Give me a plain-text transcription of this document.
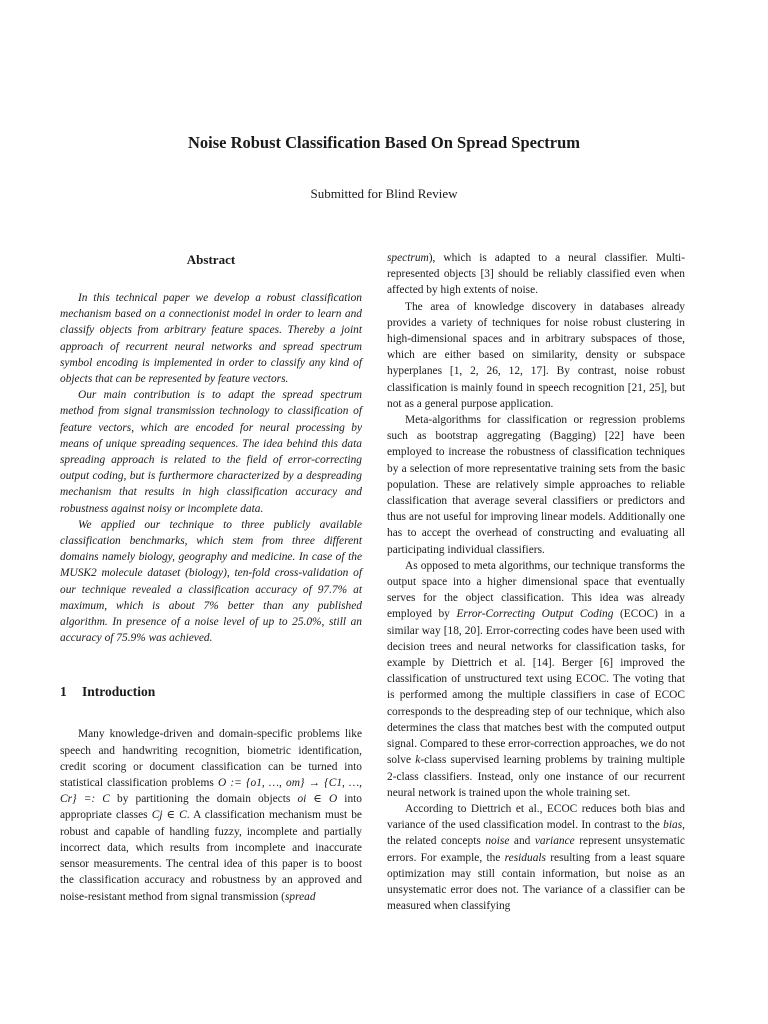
Noise Robust Classification Based On Spread Spectrum
Submitted for Blind Review
Abstract

In this technical paper we develop a robust classification mechanism based on a connectionist model in order to learn and classify objects from arbitrary feature spaces. Thereby a joint approach of recurrent neural networks and spread spectrum symbol encoding is implemented in order to classify any kind of objects that can be represented by feature vectors.

Our main contribution is to adapt the spread spectrum method from signal transmission technology to classification of feature vectors, which are encoded for neural processing by means of unique spreading sequences. The idea behind this data spreading approach is related to the field of error-correcting output coding, but is furthermore characterized by a despreading mechanism that results in high classification accuracy and robustness against noisy or incomplete data.

We applied our technique to three publicly available classification benchmarks, which stem from three different domains namely biology, geography and medicine. In case of the MUSK2 molecule dataset (biology), ten-fold cross-validation of our technique revealed a classification accuracy of 97.7% at maximum, which is about 7% better than any published algorithm. In presence of a noise level of up to 25.0%, still an accuracy of 75.9% was achieved.

1 Introduction

Many knowledge-driven and domain-specific problems like speech and handwriting recognition, biometric identification, credit scoring or document classification can be turned into statistical classification problems O := {o1, …, om} → {C1, …, Cr} =: C by partitioning the domain objects oi ∈ O into appropriate classes Cj ∈ C. A classification mechanism must be robust and capable of handling fuzzy, incomplete and partially incorrect data, which results from incomplete and inaccurate sensor measurements. The central idea of this paper is to boost the classification accuracy and robustness by an approved and noise-resistant method from signal transmission (spread

spectrum), which is adapted to a neural classifier. Multi-represented objects [3] should be reliably classified even when affected by high extents of noise.

The area of knowledge discovery in databases already provides a variety of techniques for noise robust clustering in high-dimensional spaces and in arbitrary subspaces of those, which are either based on similarity, density or subspace hyperplanes [1, 2, 26, 12, 17]. By contrast, noise robust classification is mainly found in speech recognition [21, 25], but not as a general purpose application.

Meta-algorithms for classification or regression problems such as bootstrap aggregating (Bagging) [22] have been employed to increase the robustness of classification techniques by a selection of more representative training sets from the basic population. These are relatively simple approaches to reliable classification that average several classifiers or predictors and thus are not useful for improving linear models. Additionally one has to accept the overhead of constructing and evaluating all participating individual classifiers.

As opposed to meta algorithms, our technique transforms the output space into a higher dimensional space that eventually serves for the object classification. This idea was already employed by Error-Correcting Output Coding (ECOC) in a similar way [18, 20]. Error-correcting codes have been used with decision trees and neural networks for classification tasks, for example by Diettrich et al. [14]. Berger [6] improved the classification of unstructured text using ECOC. The voting that is performed among the multiple classifiers in case of ECOC corresponds to the despreading step of our technique, which also determines the class that matches best with the computed output signal. Compared to these error-correction approaches, we do not solve k-class supervised learning problems by training multiple 2-class classifiers. Instead, only one instance of our recurrent neural network is trained upon the whole training set.

According to Diettrich et al., ECOC reduces both bias and variance of the used classification model. In contrast to the bias, the related concepts noise and variance represent unsystematic errors. For example, the residuals resulting from a least square optimization may still contain information, but noise as an unsystematic error does not. The variance of a classifier can be measured when classifying
